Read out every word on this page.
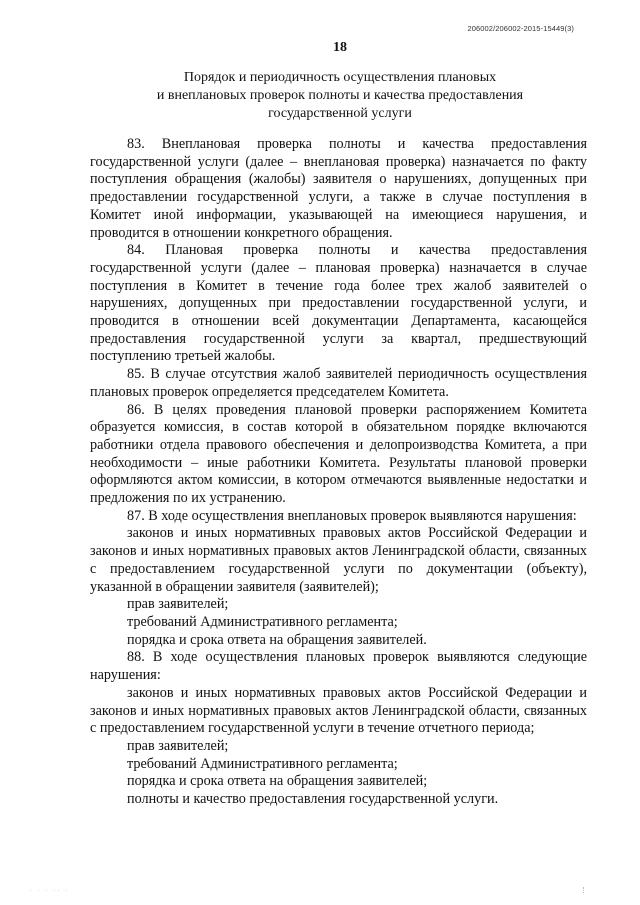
206002/206002-2015-15449(3)
18
Порядок и периодичность осуществления плановых
и внеплановых проверок полноты и качества предоставления
государственной услуги

83. Внеплановая проверка полноты и качества предоставления государственной услуги (далее – внеплановая проверка) назначается по факту поступления обращения (жалобы) заявителя о нарушениях, допущенных при предоставлении государственной услуги, а также в случае поступления в Комитет иной информации, указывающей на имеющиеся нарушения, и проводится в отношении конкретного обращения.

84. Плановая проверка полноты и качества предоставления государственной услуги (далее – плановая проверка) назначается в случае поступления в Комитет в течение года более трех жалоб заявителей о нарушениях, допущенных при предоставлении государственной услуги, и проводится в отношении всей документации Департамента, касающейся предоставления государственной услуги за квартал, предшествующий поступлению третьей жалобы.

85. В случае отсутствия жалоб заявителей периодичность осуществления плановых проверок определяется председателем Комитета.

86. В целях проведения плановой проверки распоряжением Комитета образуется комиссия, в состав которой в обязательном порядке включаются работники отдела правового обеспечения и делопроизводства Комитета, а при необходимости – иные работники Комитета. Результаты плановой проверки оформляются актом комиссии, в котором отмечаются выявленные недостатки и предложения по их устранению.

87. В ходе осуществления внеплановых проверок выявляются нарушения:

законов и иных нормативных правовых актов Российской Федерации и законов и иных нормативных правовых актов Ленинградской области, связанных с предоставлением государственной услуги по документации (объекту), указанной в обращении заявителя (заявителей);

прав заявителей;

требований Административного регламента;

порядка и срока ответа на обращения заявителей.

88. В ходе осуществления плановых проверок выявляются следующие нарушения:

законов и иных нормативных правовых актов Российской Федерации и законов и иных нормативных правовых актов Ленинградской области, связанных с предоставлением государственной услуги в течение отчетного периода;

прав заявителей;

требований Административного регламента;

порядка и срока ответа на обращения заявителей;

полноты и качество предоставления государственной услуги.

· · · ·· ·
